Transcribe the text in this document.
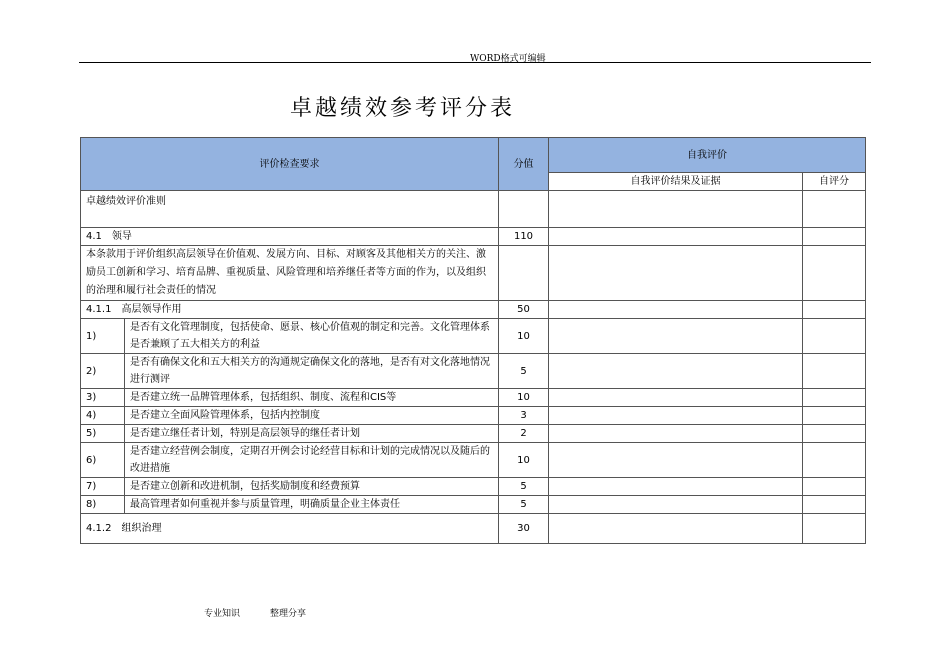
WORD格式可编辑
卓越绩效参考评分表
评价检查要求		分值	自我评价	
			自我评价结果及证据	自评分
卓越绩效评价准则				
4.1　领导		110		
本条款用于评价组织高层领导在价值观、发展方向、目标、对顾客及其他相关方的关注、激励员工创新和学习、培育品牌、重视质量、风险管理和培养继任者等方面的作为，以及组织的治理和履行社会责任的情况				
4.1.1　高层领导作用		50		
1)	是否有文化管理制度，包括使命、愿景、核心价值观的制定和完善。文化管理体系是否兼顾了五大相关方的利益	10		
2)	是否有确保文化和五大相关方的沟通规定确保文化的落地，是否有对文化落地情况进行测评	5		
3)	是否建立统一品牌管理体系，包括组织、制度、流程和CIS等	10		
4)	是否建立全面风险管理体系，包括内控制度	3		
5)	是否建立继任者计划，特别是高层领导的继任者计划	2		
6)	是否建立经营例会制度，定期召开例会讨论经营目标和计划的完成情况以及随后的改进措施	10		
7)	是否建立创新和改进机制，包括奖励制度和经费预算	5		
8)	最高管理者如何重视并参与质量管理，明确质量企业主体责任	5		
4.1.2　组织治理		30		
专业知识	整理分享
